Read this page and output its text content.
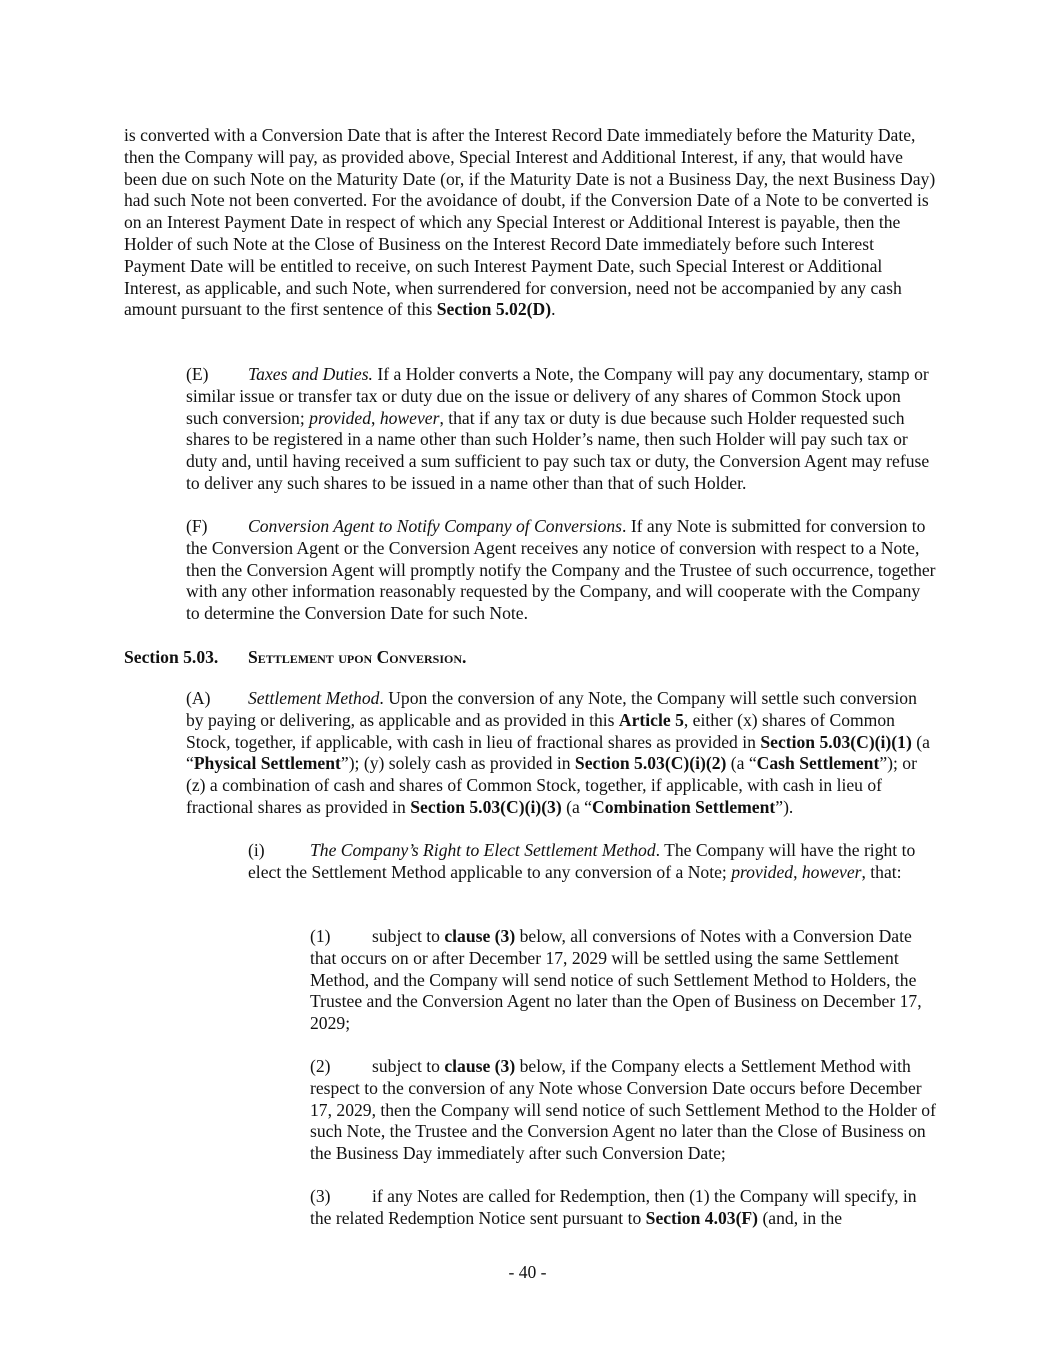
is converted with a Conversion Date that is after the Interest Record Date immediately before the Maturity Date, then the Company will pay, as provided above, Special Interest and Additional Interest, if any, that would have been due on such Note on the Maturity Date (or, if the Maturity Date is not a Business Day, the next Business Day) had such Note not been converted. For the avoidance of doubt, if the Conversion Date of a Note to be converted is on an Interest Payment Date in respect of which any Special Interest or Additional Interest is payable, then the Holder of such Note at the Close of Business on the Interest Record Date immediately before such Interest Payment Date will be entitled to receive, on such Interest Payment Date, such Special Interest or Additional Interest, as applicable, and such Note, when surrendered for conversion, need not be accompanied by any cash amount pursuant to the first sentence of this Section 5.02(D).

(E) Taxes and Duties. If a Holder converts a Note, the Company will pay any documentary, stamp or similar issue or transfer tax or duty due on the issue or delivery of any shares of Common Stock upon such conversion; provided, however, that if any tax or duty is due because such Holder requested such shares to be registered in a name other than such Holder’s name, then such Holder will pay such tax or duty and, until having received a sum sufficient to pay such tax or duty, the Conversion Agent may refuse to deliver any such shares to be issued in a name other than that of such Holder.

(F) Conversion Agent to Notify Company of Conversions. If any Note is submitted for conversion to the Conversion Agent or the Conversion Agent receives any notice of conversion with respect to a Note, then the Conversion Agent will promptly notify the Company and the Trustee of such occurrence, together with any other information reasonably requested by the Company, and will cooperate with the Company to determine the Conversion Date for such Note.

Section 5.03. Settlement upon Conversion.

(A) Settlement Method. Upon the conversion of any Note, the Company will settle such conversion by paying or delivering, as applicable and as provided in this Article 5, either (x) shares of Common Stock, together, if applicable, with cash in lieu of fractional shares as provided in Section 5.03(C)(i)(1) (a “Physical Settlement”); (y) solely cash as provided in Section 5.03(C)(i)(2) (a “Cash Settlement”); or (z) a combination of cash and shares of Common Stock, together, if applicable, with cash in lieu of fractional shares as provided in Section 5.03(C)(i)(3) (a “Combination Settlement”).

(i)	The Company’s Right to Elect Settlement Method. The Company will have the right to elect the Settlement Method applicable to any conversion of a Note; provided, however, that:

(1) subject to clause (3) below, all conversions of Notes with a Conversion Date that occurs on or after December 17, 2029 will be settled using the same Settlement Method, and the Company will send notice of such Settlement Method to Holders, the Trustee and the Conversion Agent no later than the Open of Business on December 17, 2029;

(2) subject to clause (3) below, if the Company elects a Settlement Method with respect to the conversion of any Note whose Conversion Date occurs before December 17, 2029, then the Company will send notice of such Settlement Method to the Holder of such Note, the Trustee and the Conversion Agent no later than the Close of Business on the Business Day immediately after such Conversion Date;

(3) if any Notes are called for Redemption, then (1) the Company will specify, in the related Redemption Notice sent pursuant to Section 4.03(F) (and, in the

- 40 -
